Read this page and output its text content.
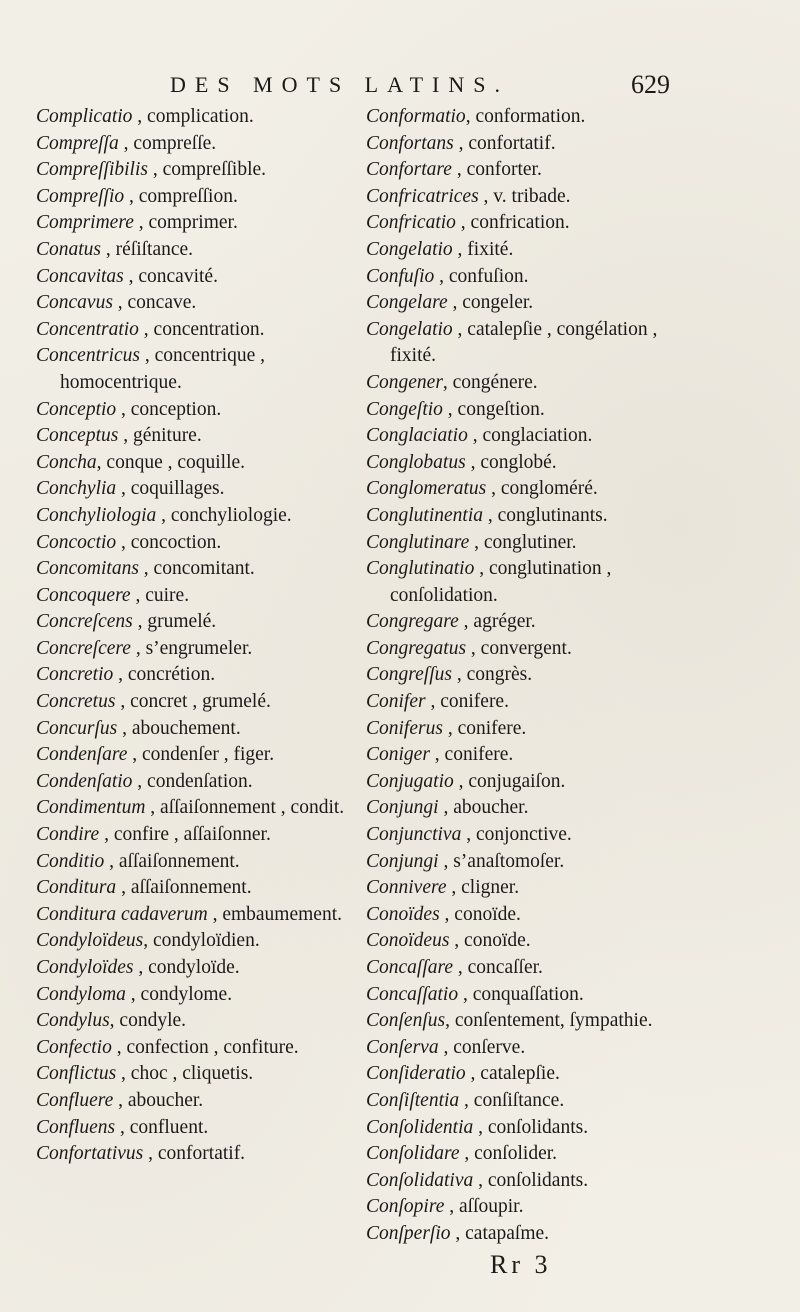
DES MOTS LATINS.	629
Complicatio , complication.
Compreſſa , compreſſe.
Compreſſibilis , compreſſible.
Compreſſio , compreſſion.
Comprimere , comprimer.
Conatus , réſiſtance.
Concavitas , concavité.
Concavus , concave.
Concentratio , concentration.
Concentricus , concentrique , homocentrique.
Conceptio , conception.
Conceptus , géniture.
Concha, conque , coquille.
Conchylia , coquillages.
Conchyliologia , conchyliologie.
Concoctio , concoction.
Concomitans , concomitant.
Concoquere , cuire.
Concreſcens , grumelé.
Concreſcere , s’engrumeler.
Concretio , concrétion.
Concretus , concret , grumelé.
Concurſus , abouchement.
Condenſare , condenſer , figer.
Condenſatio , condenſation.
Condimentum , aſſaiſonnement , condit.
Condire , confire , aſſaiſonner.
Conditio , aſſaiſonnement.
Conditura , aſſaiſonnement.
Conditura cadaverum , embaumement.
Condyloïdeus, condyloïdien.
Condyloïdes , condyloïde.
Condyloma , condylome.
Condylus, condyle.
Confectio , confection , confiture.
Conflictus , choc , cliquetis.
Confluere , aboucher.
Confluens , confluent.
Confortativus , confortatif.
Conformatio, conformation.
Confortans , confortatif.
Confortare , conforter.
Confricatrices , v. tribade.
Confricatio , confrication.
Congelatio , fixité.
Confuſio , confuſion.
Congelare , congeler.
Congelatio , catalepſie , congélation , fixité.
Congener, congénere.
Congeſtio , congeſtion.
Conglaciatio , conglaciation.
Conglobatus , conglobé.
Conglomeratus , congloméré.
Conglutinentia , conglutinants.
Conglutinare , conglutiner.
Conglutinatio , conglutination , conſolidation.
Congregare , agréger.
Congregatus , convergent.
Congreſſus , congrès.
Conifer , conifere.
Coniferus , conifere.
Coniger , conifere.
Conjugatio , conjugaiſon.
Conjungi , aboucher.
Conjunctiva , conjonctive.
Conjungi , s’anaſtomoſer.
Connivere , cligner.
Conoïdes , conoïde.
Conoïdeus , conoïde.
Concaſſare , concaſſer.
Concaſſatio , conquaſſation.
Conſenſus, conſentement, ſympathie.
Conſerva , conſerve.
Conſideratio , catalepſie.
Conſiſtentia , conſiſtance.
Conſolidentia , conſolidants.
Conſolidare , conſolider.
Conſolidativa , conſolidants.
Conſopire , aſſoupir.
Conſperſio , catapaſme.
Rr 3
